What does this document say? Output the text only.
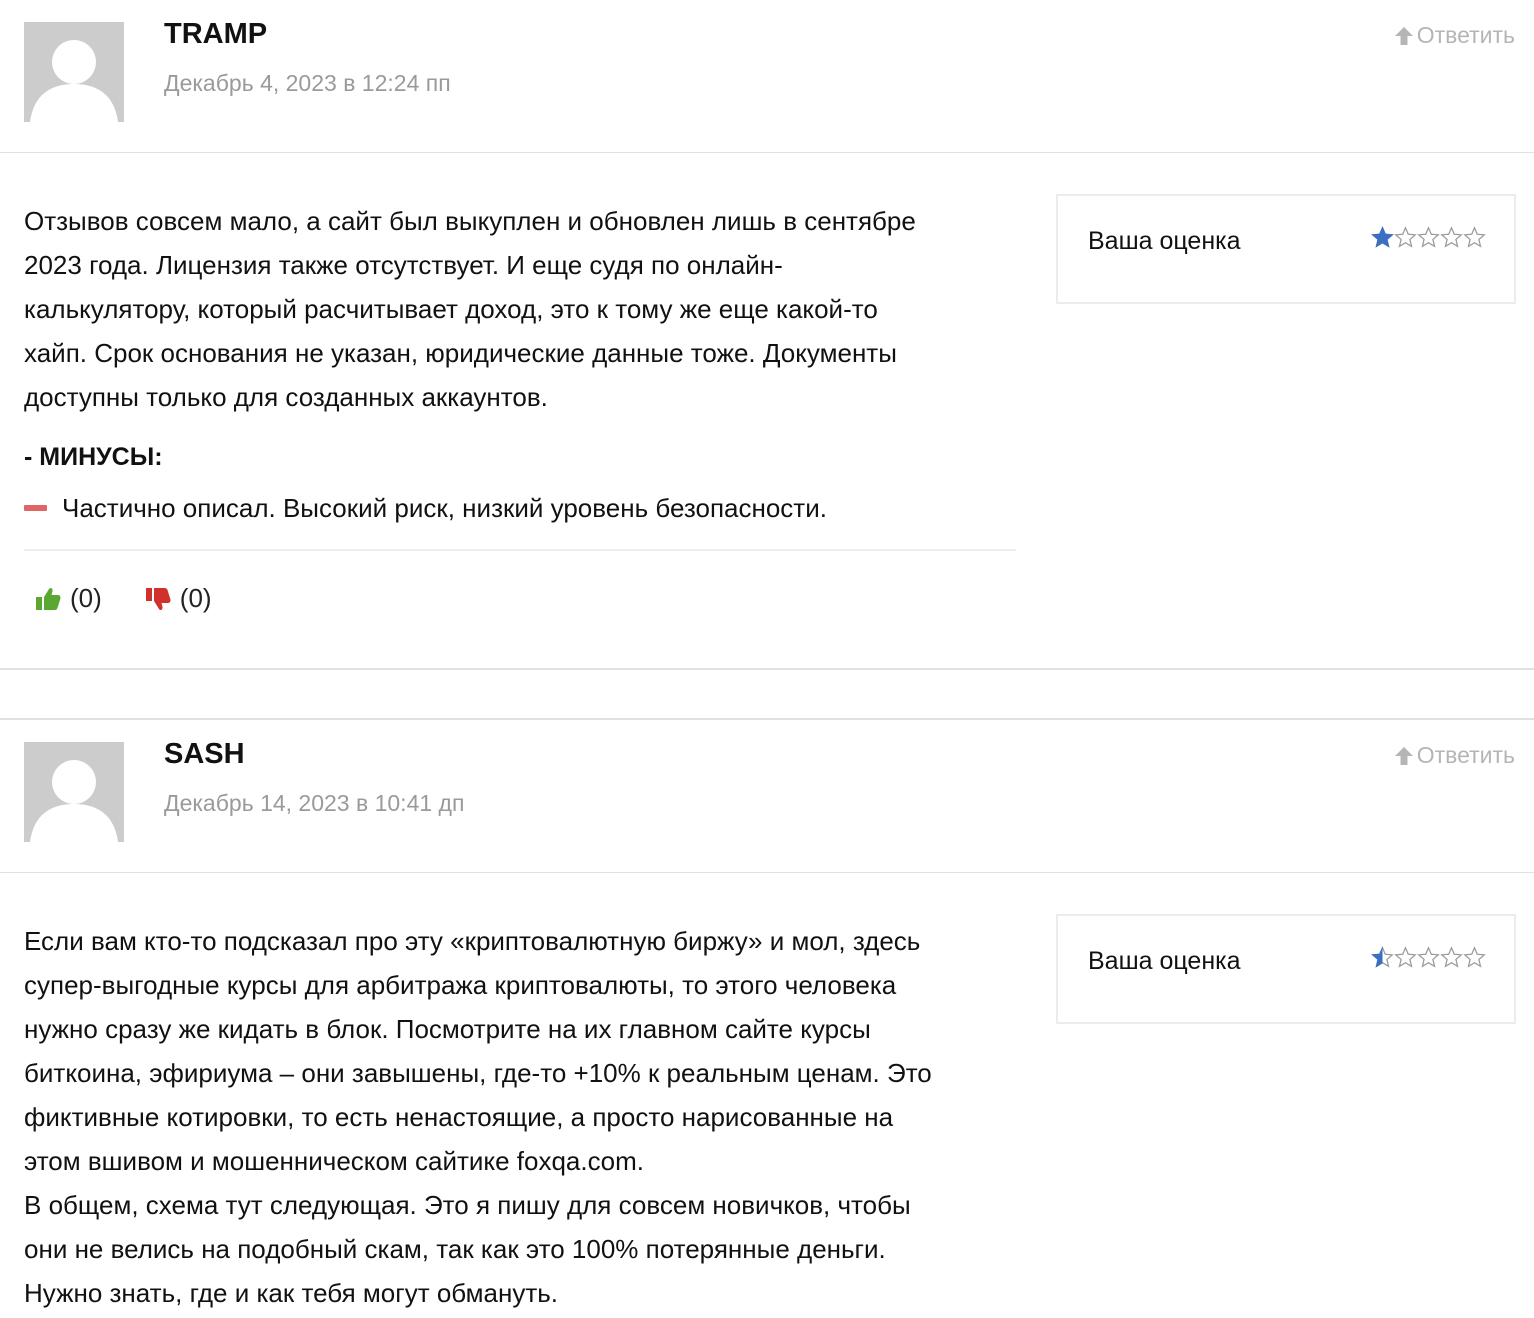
TRAMP
Декабрь 4, 2023 в 12:24 пп
Ответить
Отзывов совсем мало, а сайт был выкуплен и обновлен лишь в сентябре
2023 года. Лицензия также отсутствует. И еще судя по онлайн-
калькулятору, который расчитывает доход, это к тому же еще какой-то
хайп. Срок основания не указан, юридические данные тоже. Документы
доступны только для созданных аккаунтов.
Ваша оценка
- МИНУСЫ:
Частично описал. Высокий риск, низкий уровень безопасности.
(0)	(0)
SASH
Декабрь 14, 2023 в 10:41 дп
Ответить
Если вам кто-то подсказал про эту «криптовалютную биржу» и мол, здесь
супер-выгодные курсы для арбитража криптовалюты, то этого человека
нужно сразу же кидать в блок. Посмотрите на их главном сайте курсы
биткоина, эфириума – они завышены, где-то +10% к реальным ценам. Это
фиктивные котировки, то есть ненастоящие, а просто нарисованные на
этом вшивом и мошенническом сайтике foxqa.com.
В общем, схема тут следующая. Это я пишу для совсем новичков, чтобы
они не велись на подобный скам, так как это 100% потерянные деньги.
Нужно знать, где и как тебя могут обмануть.
Ваша оценка
